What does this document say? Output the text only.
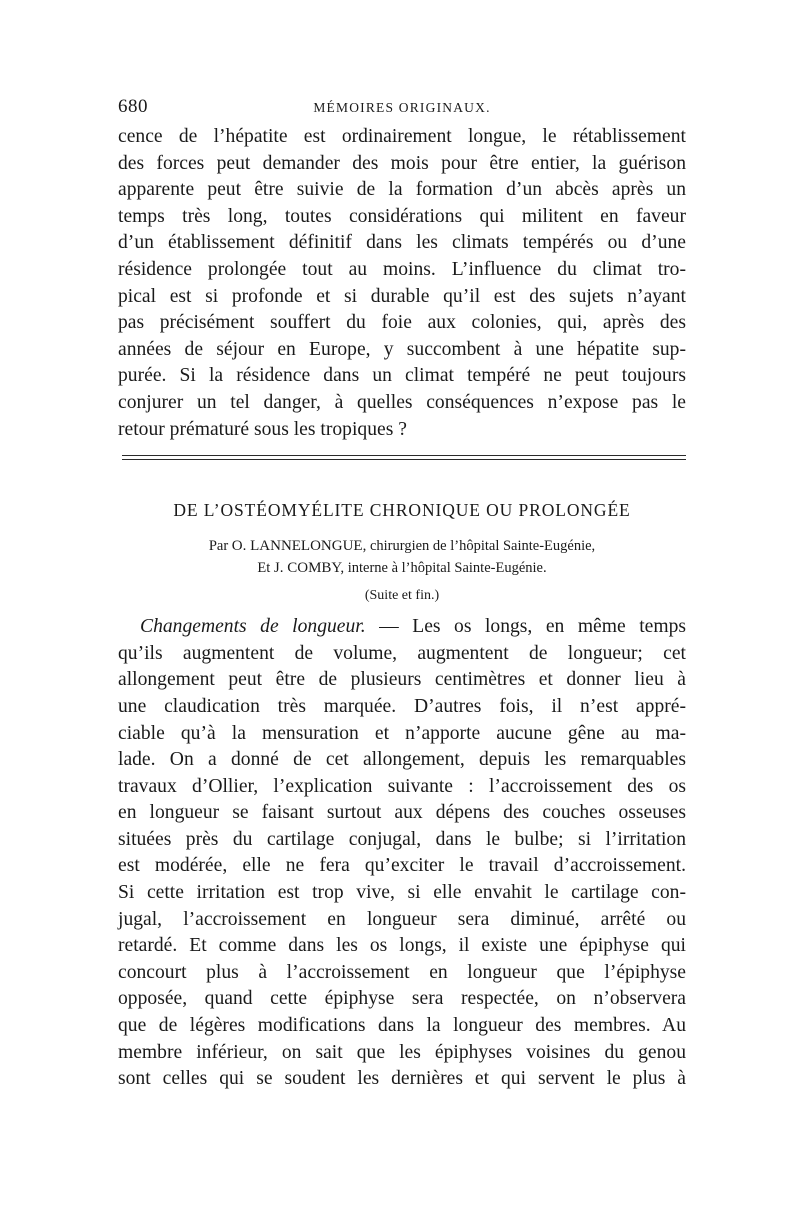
680	MÉMOIRES ORIGINAUX.
cence de l’hépatite est ordinairement longue, le rétablissement
des forces peut demander des mois pour être entier, la guérison
apparente peut être suivie de la formation d’un abcès après un
temps très long, toutes considérations qui militent en faveur
d’un établissement définitif dans les climats tempérés ou d’une
résidence prolongée tout au moins. L’influence du climat tro-
pical est si profonde et si durable qu’il est des sujets n’ayant
pas précisément souffert du foie aux colonies, qui, après des
années de séjour en Europe, y succombent à une hépatite sup-
purée. Si la résidence dans un climat tempéré ne peut toujours
conjurer un tel danger, à quelles conséquences n’expose pas le
retour prématuré sous les tropiques ?
DE L’OSTÉOMYÉLITE CHRONIQUE OU PROLONGÉE
Par O. LANNELONGUE, chirurgien de l’hôpital Sainte-Eugénie,
Et J. COMBY, interne à l’hôpital Sainte-Eugénie.
(Suite et fin.)
Changements de longueur. — Les os longs, en même temps
qu’ils augmentent de volume, augmentent de longueur; cet
allongement peut être de plusieurs centimètres et donner lieu à
une claudication très marquée. D’autres fois, il n’est appré-
ciable qu’à la mensuration et n’apporte aucune gêne au ma-
lade. On a donné de cet allongement, depuis les remarquables
travaux d’Ollier, l’explication suivante : l’accroissement des os
en longueur se faisant surtout aux dépens des couches osseuses
situées près du cartilage conjugal, dans le bulbe; si l’irritation
est modérée, elle ne fera qu’exciter le travail d’accroissement.
Si cette irritation est trop vive, si elle envahit le cartilage con-
jugal, l’accroissement en longueur sera diminué, arrêté ou
retardé. Et comme dans les os longs, il existe une épiphyse qui
concourt plus à l’accroissement en longueur que l’épiphyse
opposée, quand cette épiphyse sera respectée, on n’observera
que de légères modifications dans la longueur des membres. Au
membre inférieur, on sait que les épiphyses voisines du genou
sont celles qui se soudent les dernières et qui servent le plus à
